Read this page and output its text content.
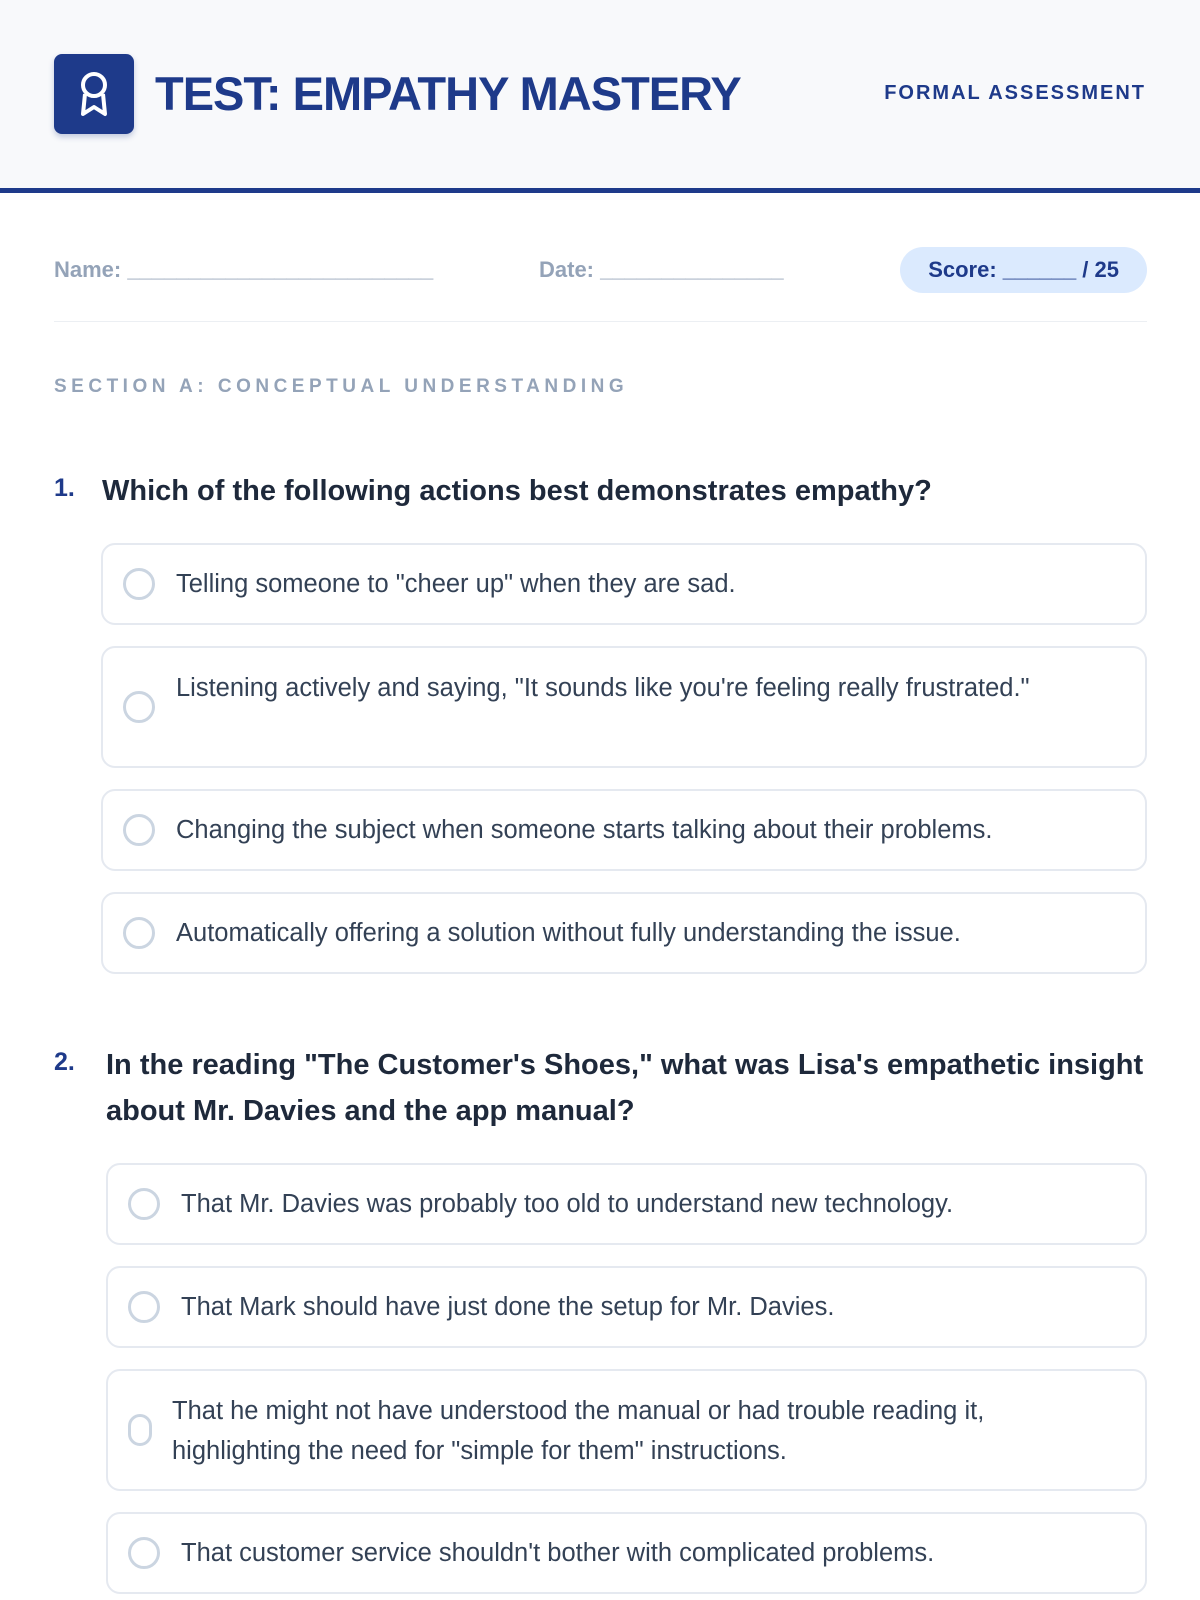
TEST: EMPATHY MASTERY	FORMAL ASSESSMENT
Name: _________________________	Date: _______________	Score: ______ / 25
SECTION A: CONCEPTUAL UNDERSTANDING
1. Which of the following actions best demonstrates empathy?
Telling someone to "cheer up" when they are sad.
Listening actively and saying, "It sounds like you're feeling really frustrated."
Changing the subject when someone starts talking about their problems.
Automatically offering a solution without fully understanding the issue.
2. In the reading "The Customer's Shoes," what was Lisa's empathetic insight about Mr. Davies and the app manual?
That Mr. Davies was probably too old to understand new technology.
That Mark should have just done the setup for Mr. Davies.
That he might not have understood the manual or had trouble reading it, highlighting the need for "simple for them" instructions.
That customer service shouldn't bother with complicated problems.
